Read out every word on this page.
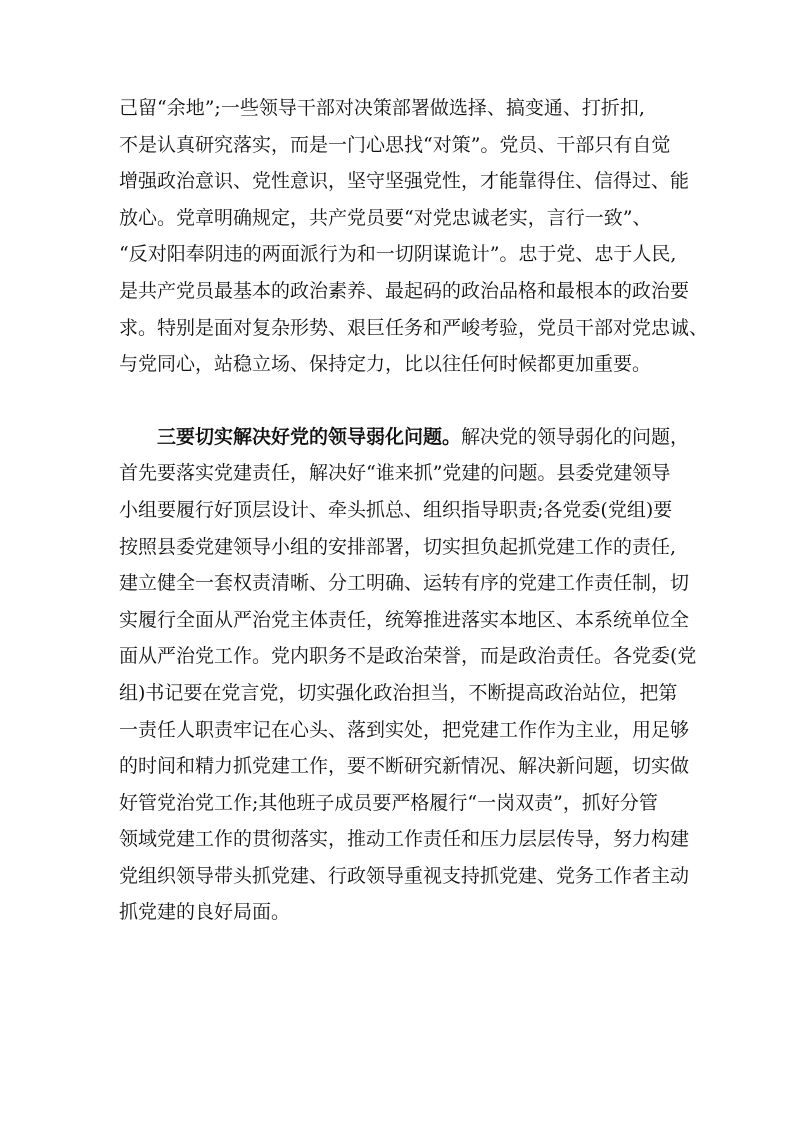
己留“余地”;一些领导干部对决策部署做选择、搞变通、打折扣,
不是认真研究落实，而是一门心思找“对策”。党员、干部只有自觉
增强政治意识、党性意识，坚守坚强党性，才能靠得住、信得过、能
放心。党章明确规定，共产党员要“对党忠诚老实，言行一致”、
“反对阳奉阴违的两面派行为和一切阴谋诡计”。忠于党、忠于人民,
是共产党员最基本的政治素养、最起码的政治品格和最根本的政治要
求。特别是面对复杂形势、艰巨任务和严峻考验，党员干部对党忠诚、
与党同心，站稳立场、保持定力，比以往任何时候都更加重要。
三要切实解决好党的领导弱化问题。解决党的领导弱化的问题，
首先要落实党建责任，解决好“谁来抓”党建的问题。县委党建领导
小组要履行好顶层设计、牵头抓总、组织指导职责;各党委(党组)要
按照县委党建领导小组的安排部署，切实担负起抓党建工作的责任,
建立健全一套权责清晰、分工明确、运转有序的党建工作责任制，切
实履行全面从严治党主体责任，统筹推进落实本地区、本系统单位全
面从严治党工作。党内职务不是政治荣誉，而是政治责任。各党委(党
组)书记要在党言党，切实强化政治担当，不断提高政治站位，把第
一责任人职责牢记在心头、落到实处，把党建工作作为主业，用足够
的时间和精力抓党建工作，要不断研究新情况、解决新问题，切实做
好管党治党工作;其他班子成员要严格履行“一岗双责”，抓好分管
领域党建工作的贯彻落实，推动工作责任和压力层层传导，努力构建
党组织领导带头抓党建、行政领导重视支持抓党建、党务工作者主动
抓党建的良好局面。
